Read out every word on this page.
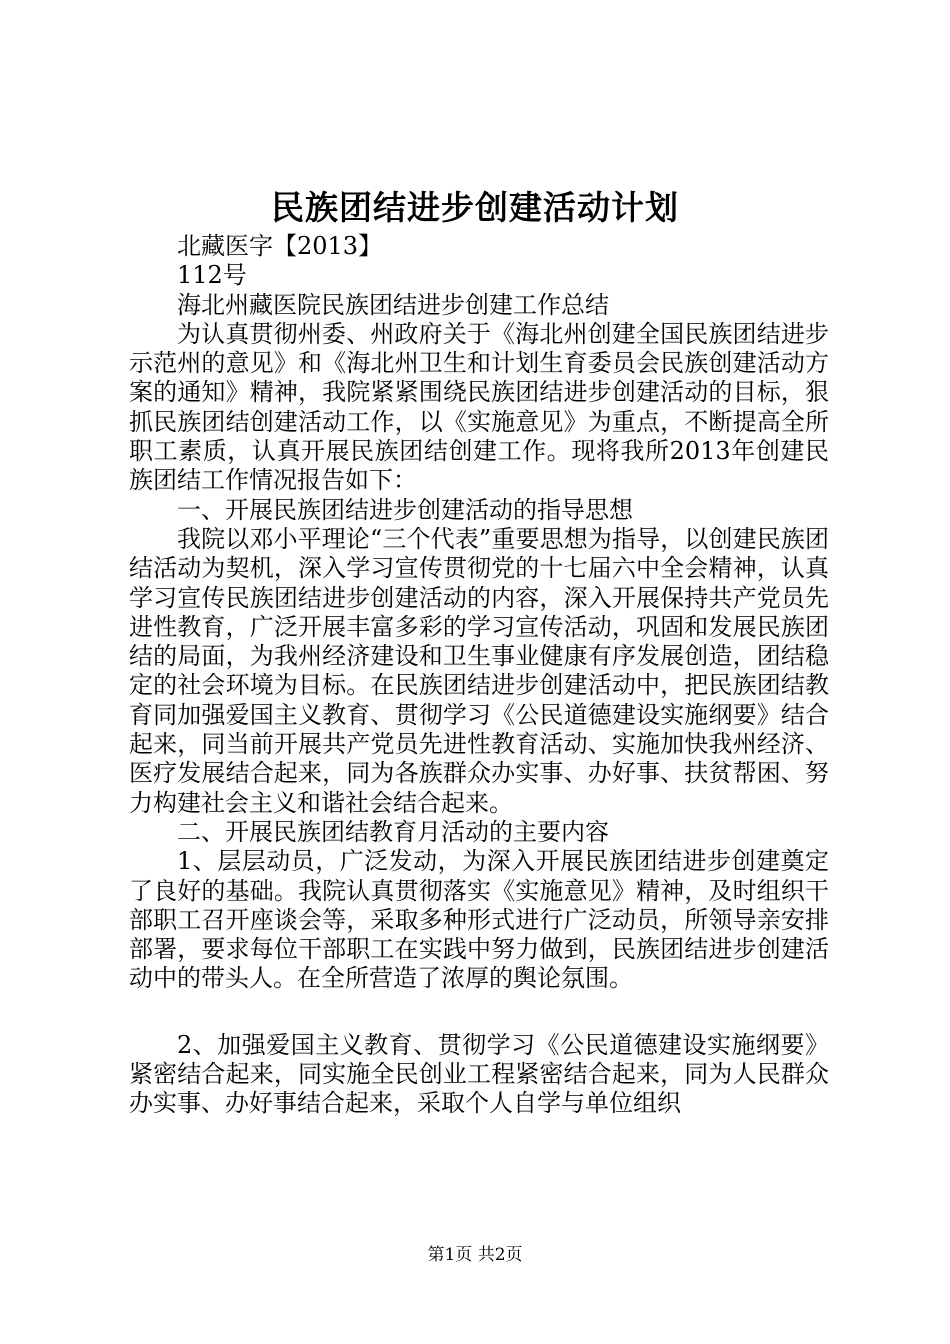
民族团结进步创建活动计划
北藏医字【2013】
112号
海北州藏医院民族团结进步创建工作总结
为认真贯彻州委、州政府关于《海北州创建全国民族团结进步示范州的意见》和《海北州卫生和计划生育委员会民族创建活动方案的通知》精神，我院紧紧围绕民族团结进步创建活动的目标，狠抓民族团结创建活动工作，以《实施意见》为重点，不断提高全所职工素质，认真开展民族团结创建工作。现将我所2013年创建民族团结工作情况报告如下：
一、开展民族团结进步创建活动的指导思想
我院以邓小平理论“三个代表”重要思想为指导，以创建民族团结活动为契机，深入学习宣传贯彻党的十七届六中全会精神，认真学习宣传民族团结进步创建活动的内容，深入开展保持共产党员先进性教育，广泛开展丰富多彩的学习宣传活动，巩固和发展民族团结的局面，为我州经济建设和卫生事业健康有序发展创造，团结稳定的社会环境为目标。在民族团结进步创建活动中，把民族团结教育同加强爱国主义教育、贯彻学习《公民道德建设实施纲要》结合起来，同当前开展共产党员先进性教育活动、实施加快我州经济、医疗发展结合起来，同为各族群众办实事、办好事、扶贫帮困、努力构建社会主义和谐社会结合起来。
二、开展民族团结教育月活动的主要内容
1、层层动员，广泛发动，为深入开展民族团结进步创建奠定了良好的基础。我院认真贯彻落实《实施意见》精神，及时组织干部职工召开座谈会等，采取多种形式进行广泛动员，所领导亲安排部署，要求每位干部职工在实践中努力做到，民族团结进步创建活动中的带头人。在全所营造了浓厚的舆论氛围。
2、加强爱国主义教育、贯彻学习《公民道德建设实施纲要》紧密结合起来，同实施全民创业工程紧密结合起来，同为人民群众办实事、办好事结合起来，采取个人自学与单位组织
第1页 共2页
